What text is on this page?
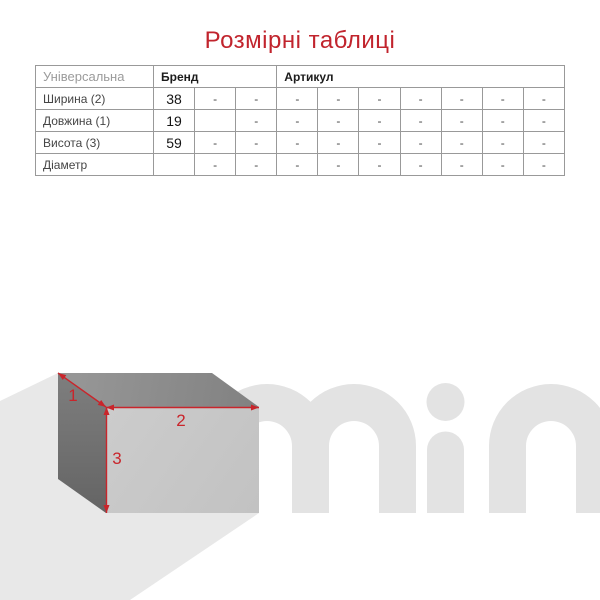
Розмірні таблиці
Універсальна	Бренд			Артикул						
Ширина (2)	38	-	-	-	-	-	-	-	-	-
Довжина (1)	19		-	-	-	-	-	-	-	-
Висота (3)	59	-	-	-	-	-	-	-	-	-
Діаметр		-	-	-	-	-	-	-	-	-
1
2
3
